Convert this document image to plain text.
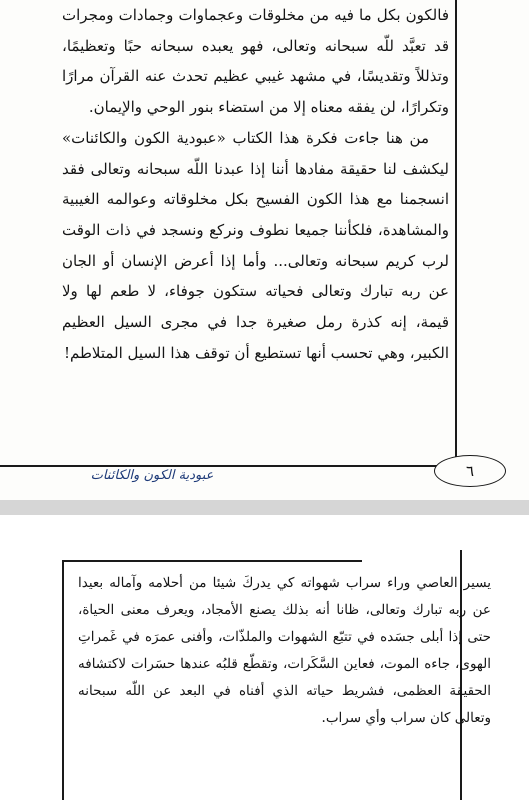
٦
عبودية الكون والكائنات

فالكون بكل ما فيه من مخلوقات وعجماوات وجمادات ومجرات قد تعبَّد للّه سبحانه وتعالى، فهو يعبده سبحانه حبًا وتعظيمًا، وتذللاً وتقديسًا، في مشهد غيبي عظيم تحدث عنه القرآن مرارًا وتكرارًا، لن يفقه معناه إلا من استضاء بنور الوحي والإيمان.

من هنا جاءت فكرة هذا الكتاب «عبودية الكون والكائنات» ليكشف لنا حقيقة مفادها أننا إذا عبدنا اللّه سبحانه وتعالى فقد انسجمنا مع هذا الكون الفسيح بكل مخلوقاته وعوالمه الغيبية والمشاهدة، فلكأننا جميعا نطوف ونركع ونسجد في ذات الوقت لرب كريم سبحانه وتعالى... وأما إذا أعرض الإنسان أو الجان عن ربه تبارك وتعالى فحياته ستكون جوفاء، لا طعم لها ولا قيمة، إنه كذرة رمل صغيرة جدا في مجرى السيل العظيم الكبير، وهي تحسب أنها تستطيع أن توقف هذا السيل المتلاطم!

يسير العاصي وراء سراب شهواته كي يدركَ شيئا من أحلامه وآماله بعيدا عن ربه تبارك وتعالى، ظانا أنه بذلك يصنع الأمجاد، ويعرف معنى الحياة، حتى إذا أبلى جسَده في تتبّع الشهوات والملذّات، وأفنى عمرَه في غَمراتِ الهوى، جاءه الموت، فعاين السَّكَرات، وتقطّع قلبُه عندها حسَرات لاكتشافه الحقيقة العظمى، فشريط حياته الذي أفناه في البعد عن اللّه سبحانه وتعالى كان سراب وأي سراب.
